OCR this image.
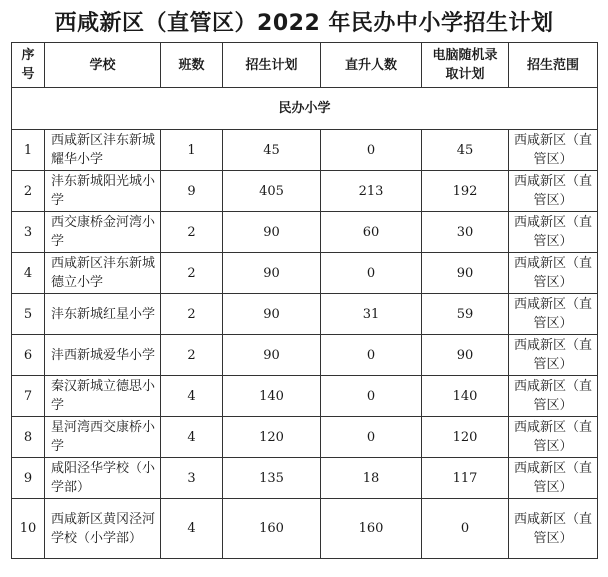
西咸新区（直管区）2022 年民办中小学招生计划
序号	学校	班数	招生计划	直升人数	电脑随机录取计划	招生范围
民办小学						
1	西咸新区沣东新城耀华小学	1	45	0	45	西咸新区（直管区）
2	沣东新城阳光城小学	9	405	213	192	西咸新区（直管区）
3	西交康桥金河湾小学	2	90	60	30	西咸新区（直管区）
4	西咸新区沣东新城德立小学	2	90	0	90	西咸新区（直管区）
5	沣东新城红星小学	2	90	31	59	西咸新区（直管区）
6	沣西新城爱华小学	2	90	0	90	西咸新区（直管区）
7	秦汉新城立德思小学	4	140	0	140	西咸新区（直管区）
8	星河湾西交康桥小学	4	120	0	120	西咸新区（直管区）
9	咸阳泾华学校（小学部）	3	135	18	117	西咸新区（直管区）
10	西咸新区黄冈泾河学校（小学部）	4	160	160	0	西咸新区（直管区）
